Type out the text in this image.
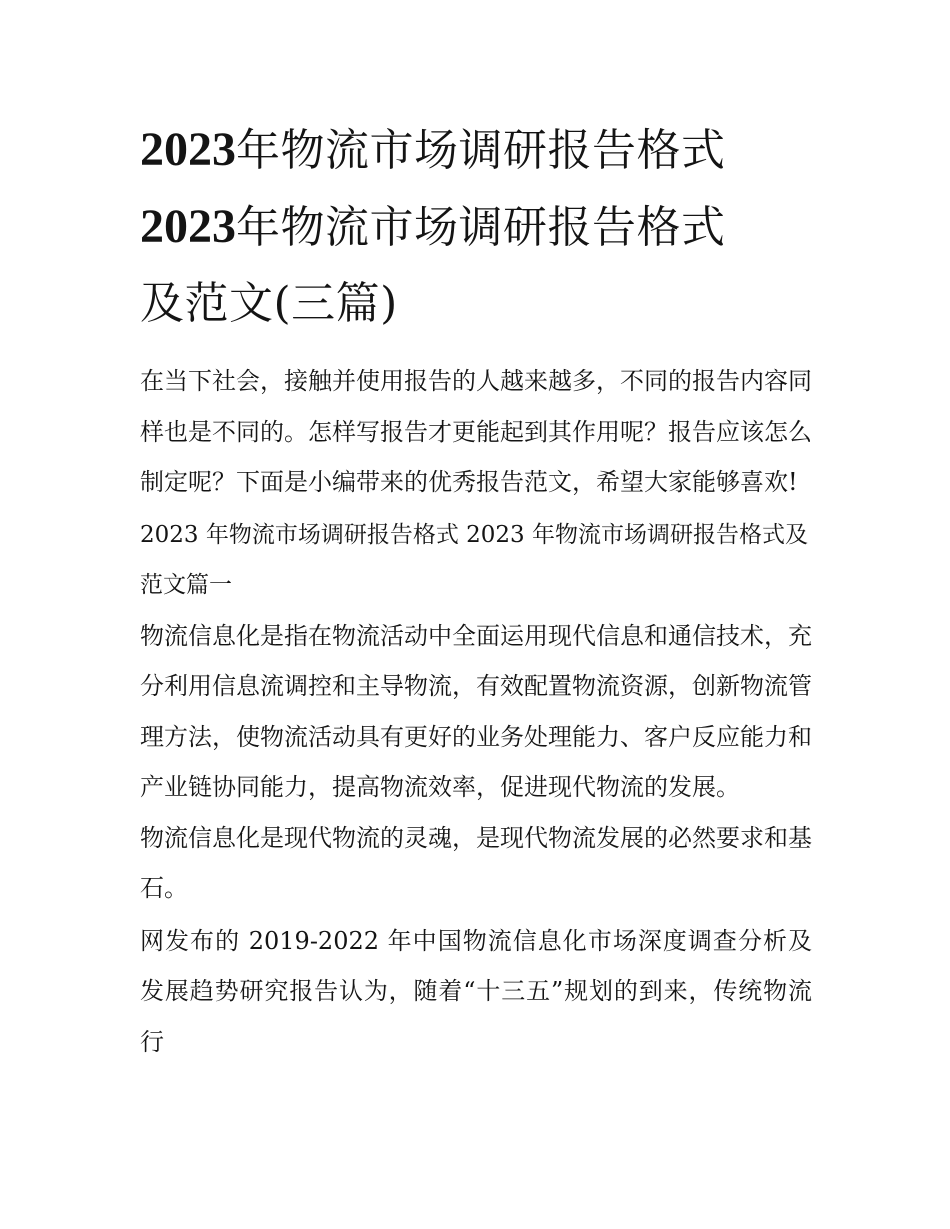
2023年物流市场调研报告格式
2023年物流市场调研报告格式
及范文(三篇)

在当下社会，接触并使用报告的人越来越多，不同的报告内容同样也是不同的。怎样写报告才更能起到其作用呢？报告应该怎么制定呢？下面是小编带来的优秀报告范文，希望大家能够喜欢!

2023 年物流市场调研报告格式 2023 年物流市场调研报告格式及范文篇一

物流信息化是指在物流活动中全面运用现代信息和通信技术，充分利用信息流调控和主导物流，有效配置物流资源，创新物流管理方法，使物流活动具有更好的业务处理能力、客户反应能力和产业链协同能力，提高物流效率，促进现代物流的发展。

物流信息化是现代物流的灵魂，是现代物流发展的必然要求和基石。

网发布的 2019-2022 年中国物流信息化市场深度调查分析及发展趋势研究报告认为，随着“十三五”规划的到来，传统物流行
